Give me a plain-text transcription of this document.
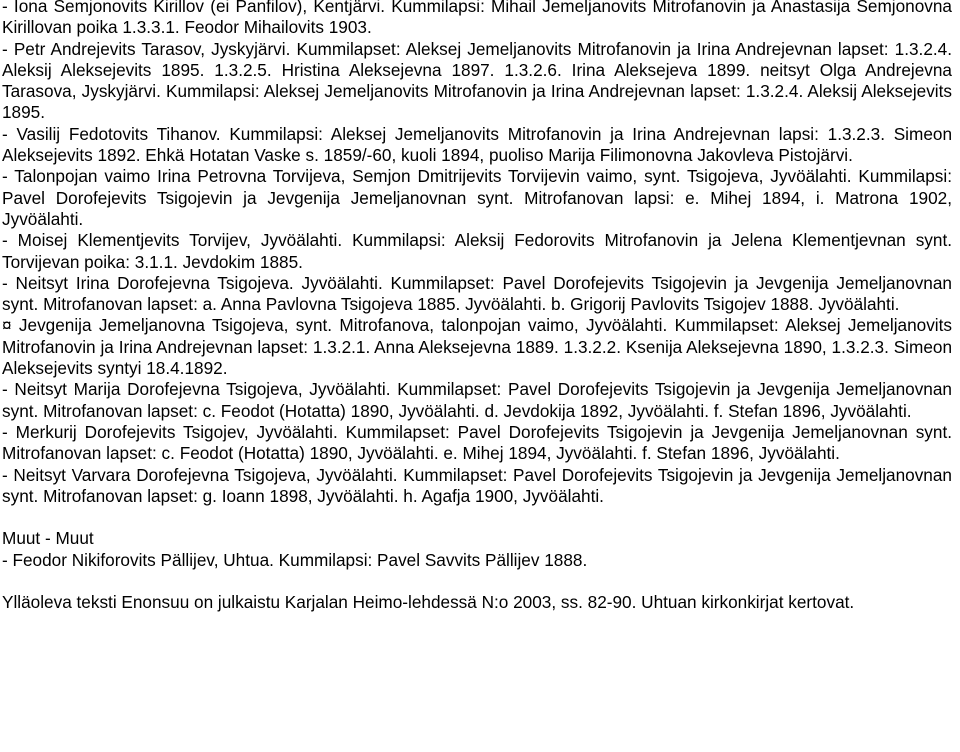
- Iona Semjonovits Kirillov (ei Panfilov), Kentjärvi. Kummilapsi: Mihail Jemeljanovits Mitrofanovin ja Anastasija Semjonovna Kirillovan poika 1.3.3.1. Feodor Mihailovits 1903.

- Petr Andrejevits Tarasov, Jyskyjärvi. Kummilapset: Aleksej Jemeljanovits Mitrofanovin ja Irina Andrejevnan lapset: 1.3.2.4. Aleksij Aleksejevits 1895. 1.3.2.5. Hristina Aleksejevna 1897. 1.3.2.6. Irina Aleksejeva 1899. neitsyt Olga Andrejevna Tarasova, Jyskyjärvi. Kummilapsi: Aleksej Jemeljanovits Mitrofanovin ja Irina Andrejevnan lapset: 1.3.2.4. Aleksij Aleksejevits 1895.

- Vasilij Fedotovits Tihanov. Kummilapsi: Aleksej Jemeljanovits Mitrofanovin ja Irina Andrejevnan lapsi: 1.3.2.3. Simeon Aleksejevits 1892. Ehkä Hotatan Vaske s. 1859/-60, kuoli 1894, puoliso Marija Filimonovna Jakovleva Pistojärvi.

- Talonpojan vaimo Irina Petrovna Torvijeva, Semjon Dmitrijevits Torvijevin vaimo, synt. Tsigojeva, Jyvöälahti. Kummilapsi: Pavel Dorofejevits Tsigojevin ja Jevgenija Jemeljanovnan synt. Mitrofanovan lapsi: e. Mihej 1894, i. Matrona 1902, Jyvöälahti.

- Moisej Klementjevits Torvijev, Jyvöälahti. Kummilapsi: Aleksij Fedorovits Mitrofanovin ja Jelena Klementjevnan synt. Torvijevan poika: 3.1.1. Jevdokim 1885.

- Neitsyt Irina Dorofejevna Tsigojeva. Jyvöälahti. Kummilapset: Pavel Dorofejevits Tsigojevin ja Jevgenija Jemeljanovnan synt. Mitrofanovan lapset: a. Anna Pavlovna Tsigojeva 1885. Jyvöälahti. b. Grigorij Pavlovits Tsigojev 1888. Jyvöälahti.

¤ Jevgenija Jemeljanovna Tsigojeva, synt. Mitrofanova, talonpojan vaimo, Jyvöälahti. Kummilapset: Aleksej Jemeljanovits Mitrofanovin ja Irina Andrejevnan lapset: 1.3.2.1. Anna Aleksejevna 1889. 1.3.2.2. Ksenija Aleksejevna 1890, 1.3.2.3. Simeon Aleksejevits syntyi 18.4.1892.

- Neitsyt Marija Dorofejevna Tsigojeva, Jyvöälahti. Kummilapset: Pavel Dorofejevits Tsigojevin ja Jevgenija Jemeljanovnan synt. Mitrofanovan lapset: c. Feodot (Hotatta) 1890, Jyvöälahti. d. Jevdokija 1892, Jyvöälahti. f. Stefan 1896, Jyvöälahti.

- Merkurij Dorofejevits Tsigojev, Jyvöälahti. Kummilapset: Pavel Dorofejevits Tsigojevin ja Jevgenija Jemeljanovnan synt. Mitrofanovan lapset: c. Feodot (Hotatta) 1890, Jyvöälahti. e. Mihej 1894, Jyvöälahti. f. Stefan 1896, Jyvöälahti.

- Neitsyt Varvara Dorofejevna Tsigojeva, Jyvöälahti. Kummilapset: Pavel Dorofejevits Tsigojevin ja Jevgenija Jemeljanovnan synt. Mitrofanovan lapset: g. Ioann 1898, Jyvöälahti. h. Agafja 1900, Jyvöälahti.

Muut - Muut

- Feodor Nikiforovits Pällijev, Uhtua. Kummilapsi: Pavel Savvits Pällijev 1888.

Ylläoleva teksti Enonsuu on julkaistu Karjalan Heimo-lehdessä N:o 2003, ss. 82-90. Uhtuan kirkonkirjat kertovat.
